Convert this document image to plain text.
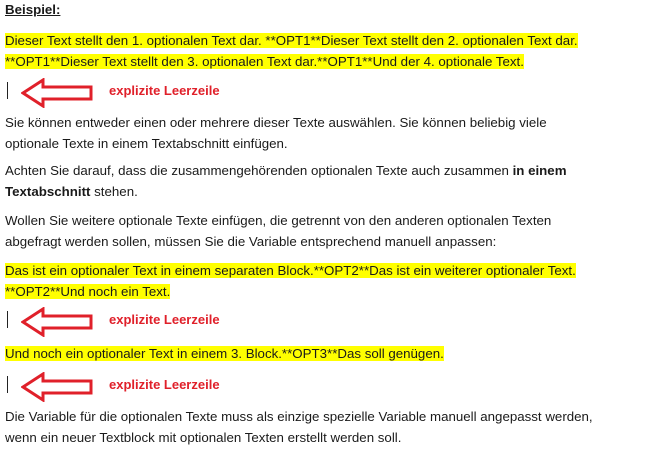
Beispiel:
Dieser Text stellt den 1. optionalen Text dar. **OPT1**Dieser Text stellt den 2. optionalen Text dar.
**OPT1**Dieser Text stellt den 3. optionalen Text dar.**OPT1**Und der 4. optionale Text.
explizite Leerzeile
Sie können entweder einen oder mehrere dieser Texte auswählen. Sie können beliebig viele
optionale Texte in einem Textabschnitt einfügen.
Achten Sie darauf, dass die zusammengehörenden optionalen Texte auch zusammen in einem
Textabschnitt stehen.
Wollen Sie weitere optionale Texte einfügen, die getrennt von den anderen optionalen Texten
abgefragt werden sollen, müssen Sie die Variable entsprechend manuell anpassen:
Das ist ein optionaler Text in einem separaten Block.**OPT2**Das ist ein weiterer optionaler Text.
**OPT2**Und noch ein Text.
explizite Leerzeile
Und noch ein optionaler Text in einem 3. Block.**OPT3**Das soll genügen.
explizite Leerzeile
Die Variable für die optionalen Texte muss als einzige spezielle Variable manuell angepasst werden,
wenn ein neuer Textblock mit optionalen Texten erstellt werden soll.
